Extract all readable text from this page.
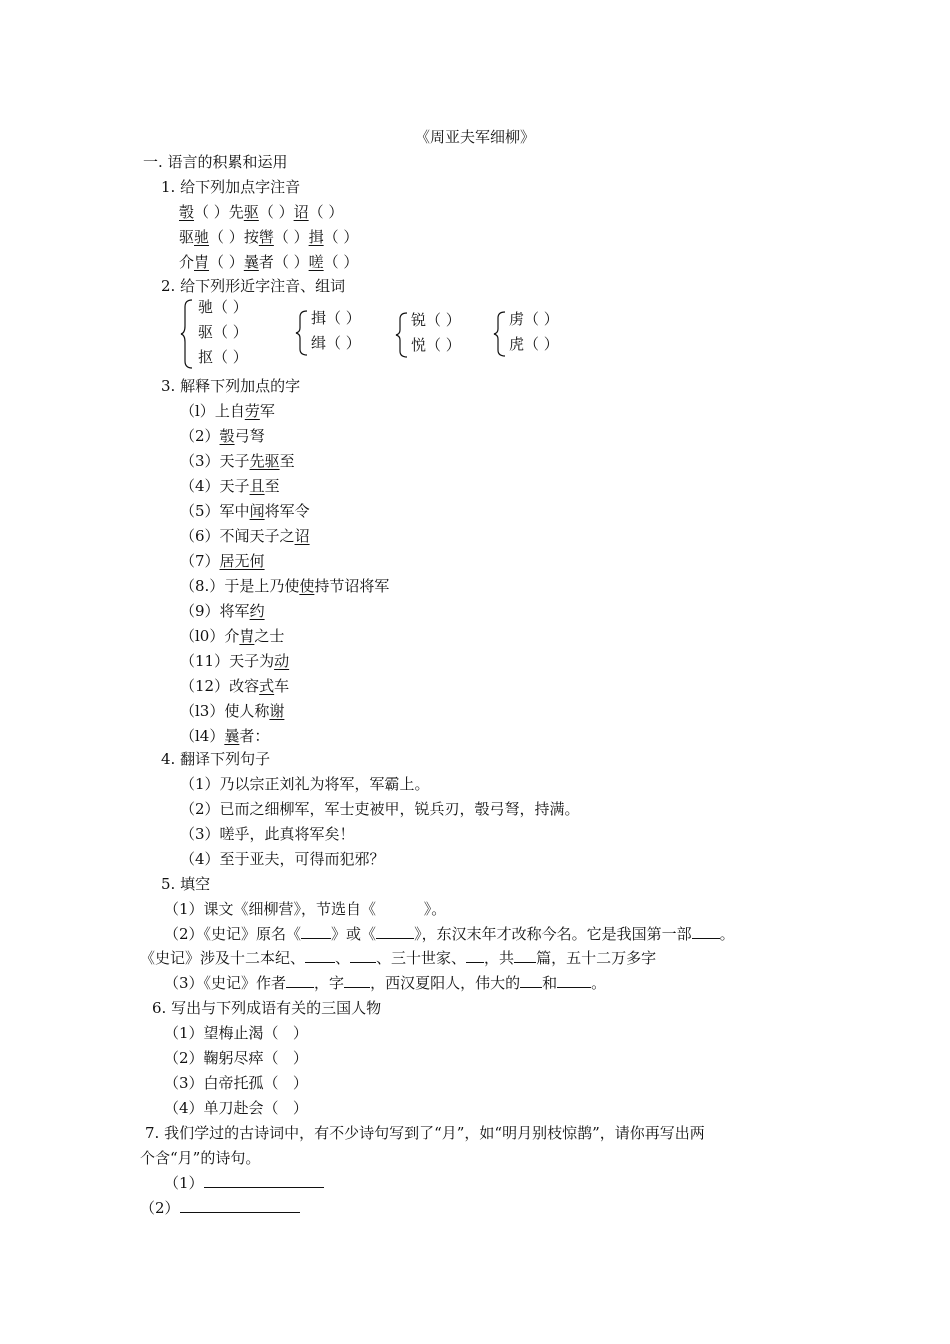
《周亚夫军细柳》
一. 语言的积累和运用
1. 给下列加点字注音
彀（ ）先驱（ ）诏（ ）
驱驰（ ）按辔（ ）揖（ ）
介胄（ ）曩者（ ）嗟（ ）
2. 给下列形近字注音、组词
驰（ ）
驱（ ）
抠（ ）
揖（ ）
缉（ ）
锐（ ）
悦（ ）
虏（ ）
虎（ ）
3. 解释下列加点的字
（l）上自劳军
（2）彀弓弩
（3）天子先驱至
（4）天子且至
（5）军中闻将军令
（6）不闻天子之诏
（7）居无何
（8.）于是上乃使使持节诏将军
（9）将军约
（l0）介胄之士
（11）天子为动
（12）改容式车
（l3）使人称谢
（l4）曩者：
4. 翻译下列句子
（1）乃以宗正刘礼为将军，军霸上。
（2）已而之细柳军，军士吏被甲，锐兵刃，彀弓弩，持满。
（3）嗟乎，此真将军矣！
（4）至于亚夫，可得而犯邪？
5. 填空
（1）课文《细柳营》，节选自《          》。
（2）《史记》原名《 》或《	》，东汉末年才改称今名。它是我国第一部 。
《史记》涉及十二本纪、 、 、三十世家、 ，共 篇，五十二万多字
（3）《史记》作者 ，字 ，西汉夏阳人，伟大的 和 。
6. 写出与下列成语有关的三国人物
（1）望梅止渴（   ）
（2）鞠躬尽瘁（   ）
（3）白帝托孤（   ）
（4）单刀赴会（   ）
7. 我们学过的古诗词中，有不少诗句写到了“月”，如“明月别枝惊鹊”，请你再写出两
个含“月”的诗句。
（1）
（2）
